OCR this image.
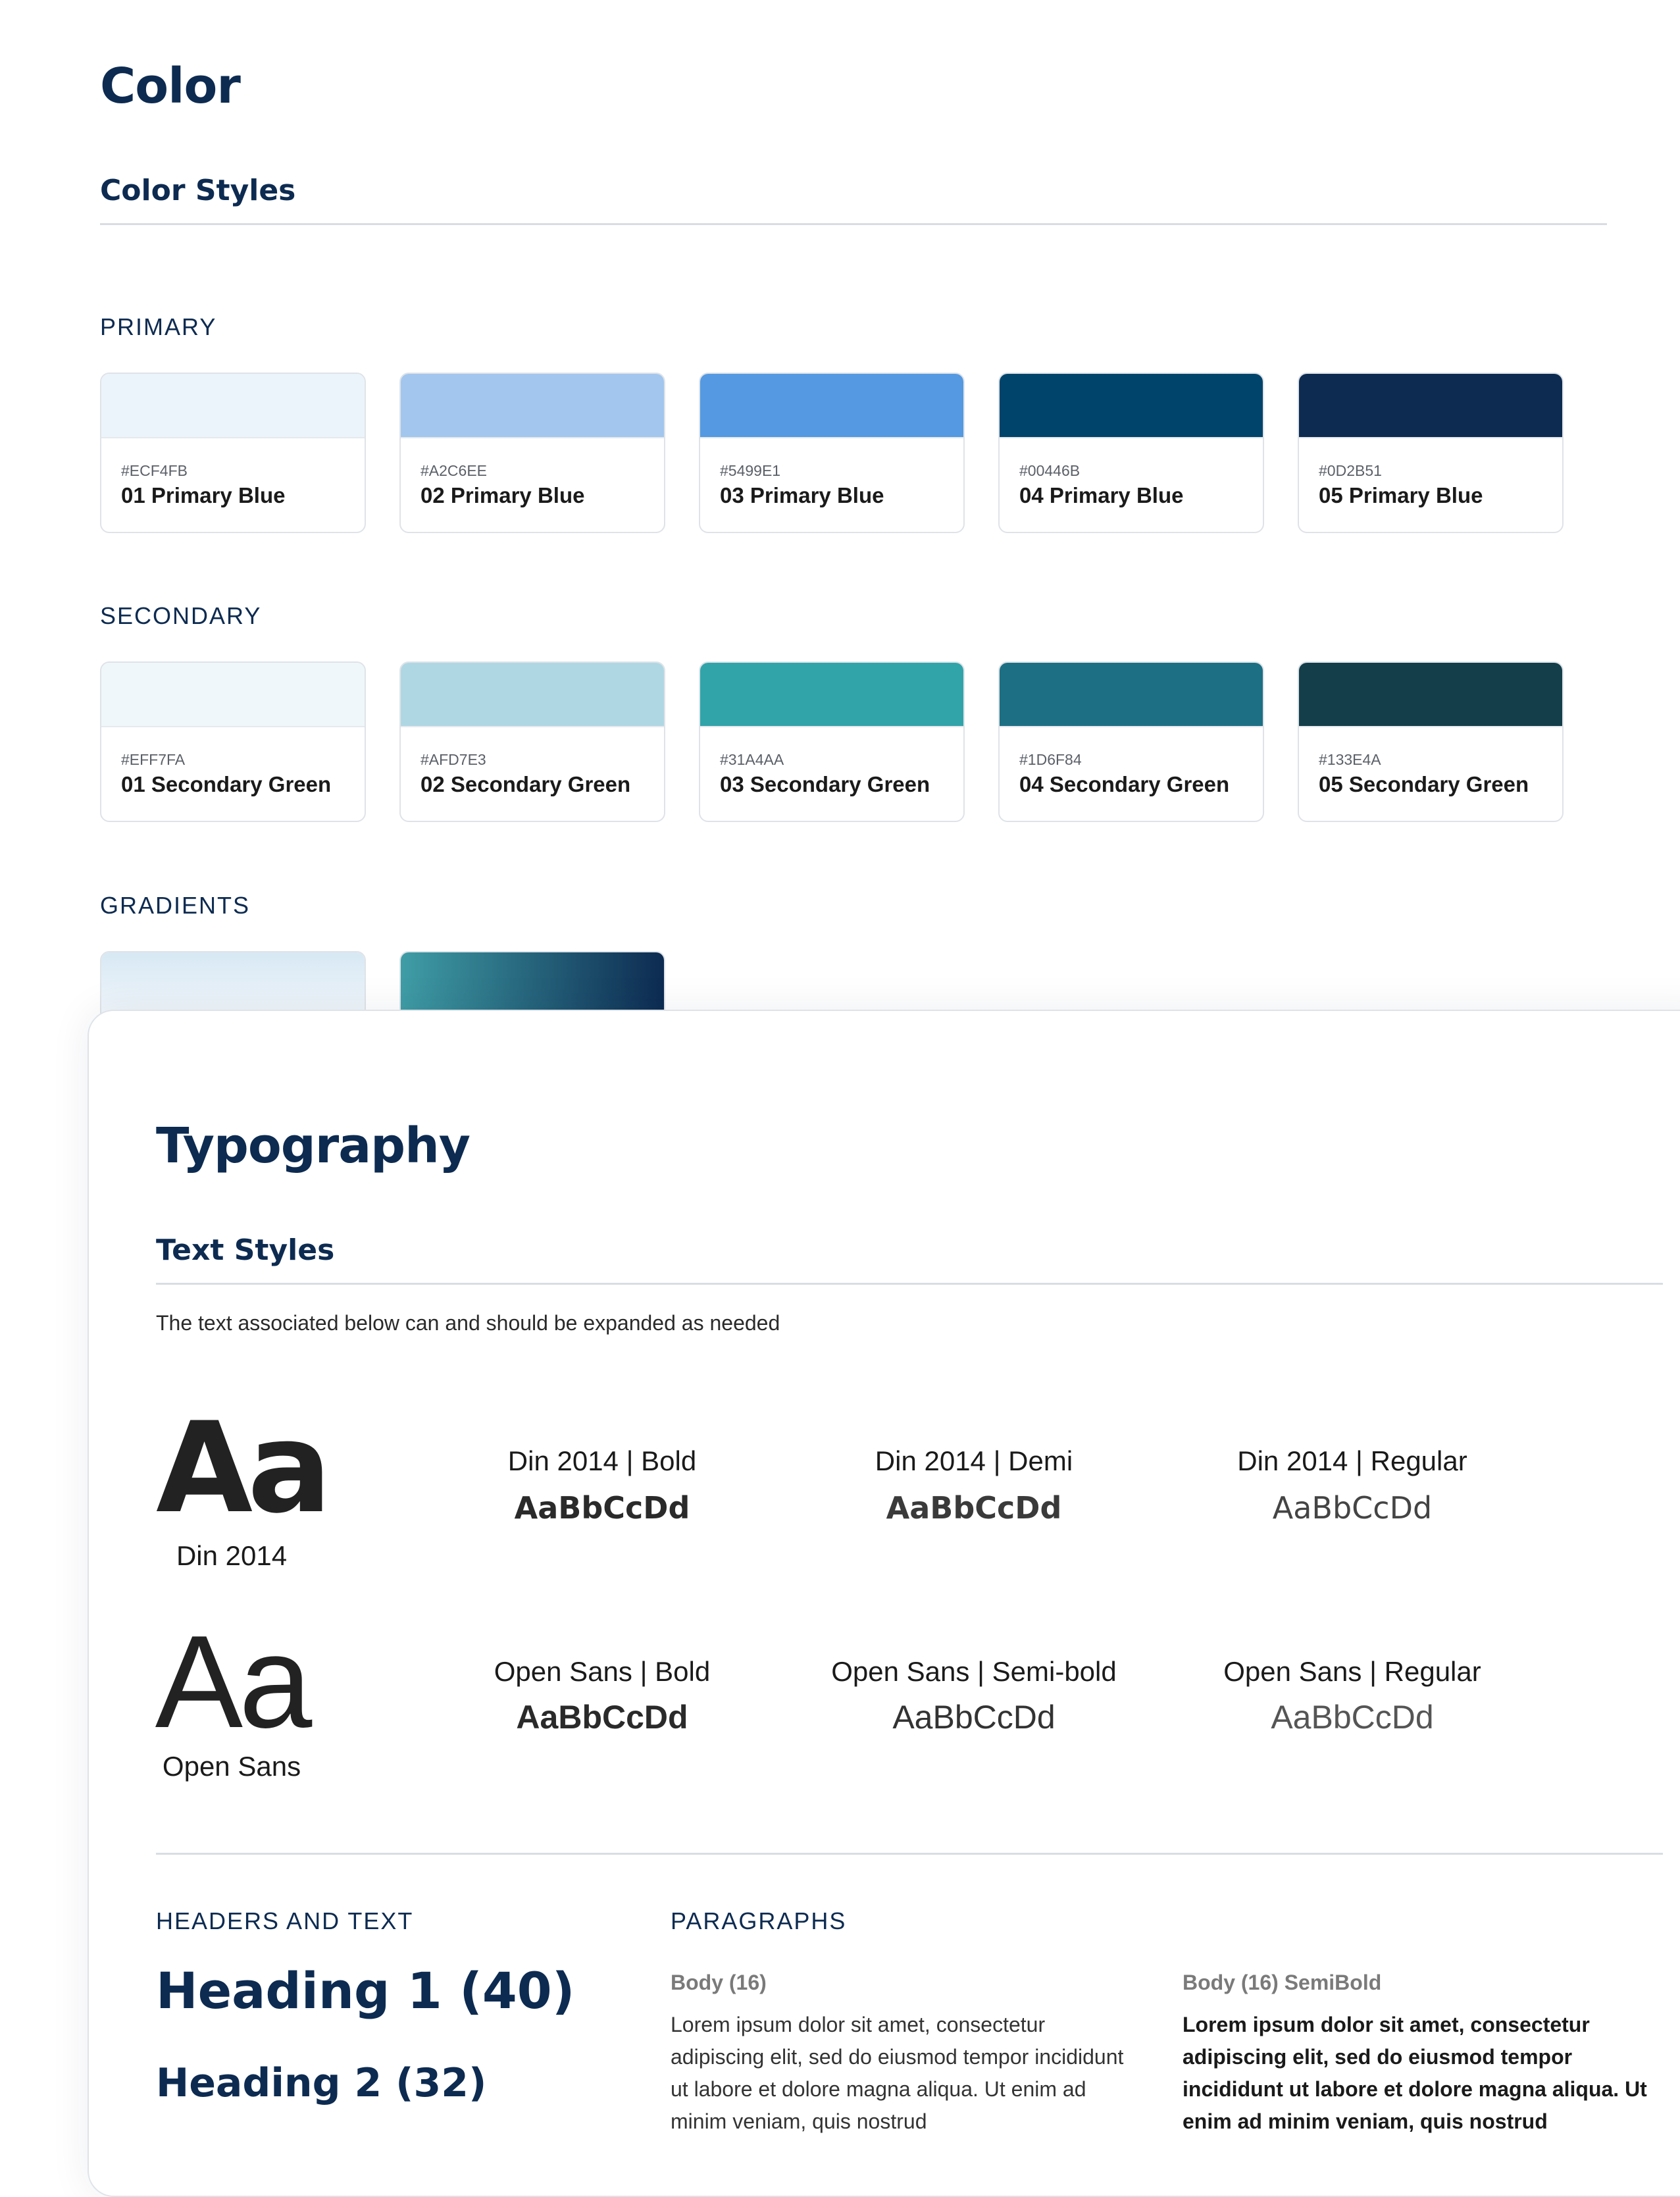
Color
Color Styles
PRIMARY
#ECF4FB
01 Primary Blue
#A2C6EE
02 Primary Blue
#5499E1
03 Primary Blue
#00446B
04 Primary Blue
#0D2B51
05 Primary Blue
SECONDARY
#EFF7FA
01 Secondary Green
#AFD7E3
02 Secondary Green
#31A4AA
03 Secondary Green
#1D6F84
04 Secondary Green
#133E4A
05 Secondary Green
GRADIENTS
Typography
Text Styles
The text associated below can and should be expanded as needed
Aa
Din 2014
Din 2014 | Bold
AaBbCcDd
Din 2014 | Demi
AaBbCcDd
Din 2014 | Regular
AaBbCcDd
Aa
Open Sans
Open Sans | Bold
AaBbCcDd
Open Sans | Semi-bold
AaBbCcDd
Open Sans | Regular
AaBbCcDd
HEADERS AND TEXT
Heading 1 (40)
Heading 2 (32)
PARAGRAPHS
Body (16)
Lorem ipsum dolor sit amet, consectetur adipiscing elit, sed do eiusmod tempor incididunt ut labore et dolore magna aliqua. Ut enim ad minim veniam, quis nostrud
Body (16) SemiBold
Lorem ipsum dolor sit amet, consectetur adipiscing elit, sed do eiusmod tempor incididunt ut labore et dolore magna aliqua. Ut enim ad minim veniam, quis nostrud
